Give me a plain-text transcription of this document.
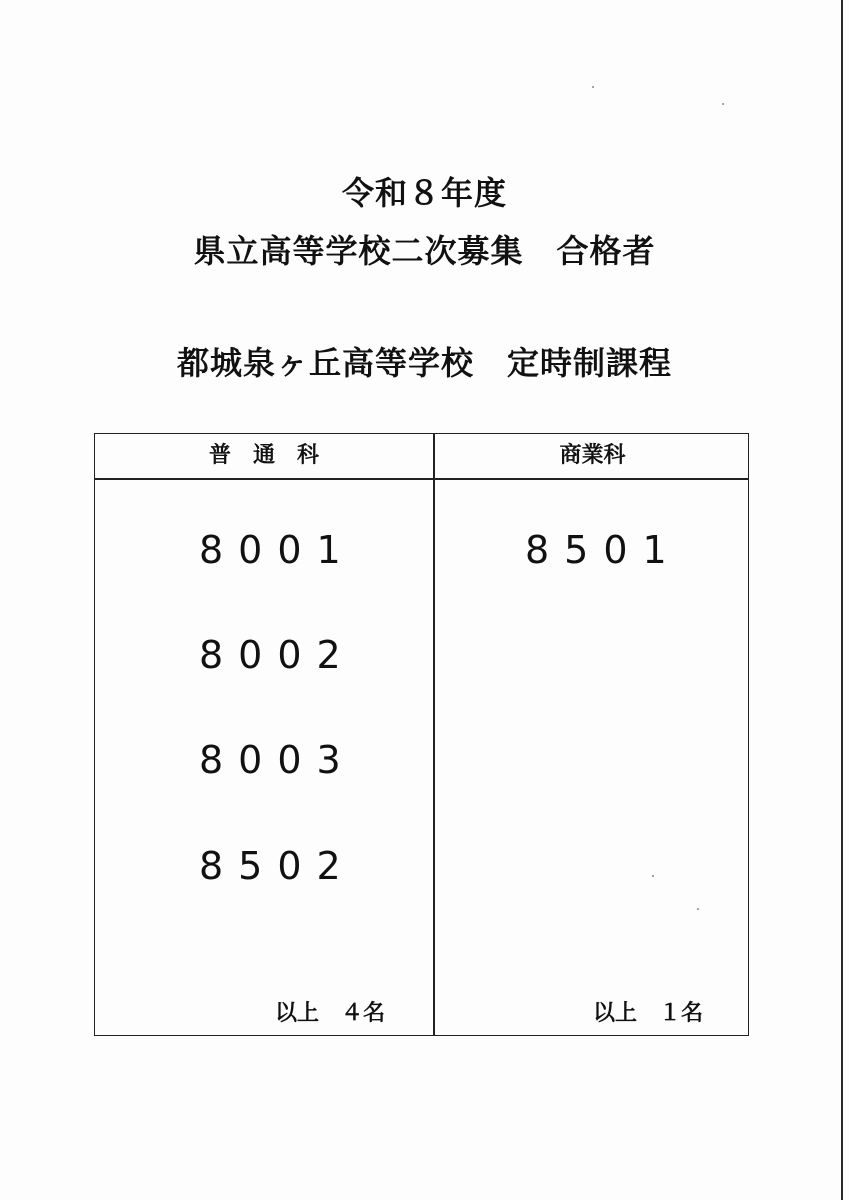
令和８年度
県立高等学校二次募集　合格者
都城泉ヶ丘高等学校　定時制課程
普　通　科	商業科
8001
8002
8003
8502
8501
以上　４名	以上　１名
